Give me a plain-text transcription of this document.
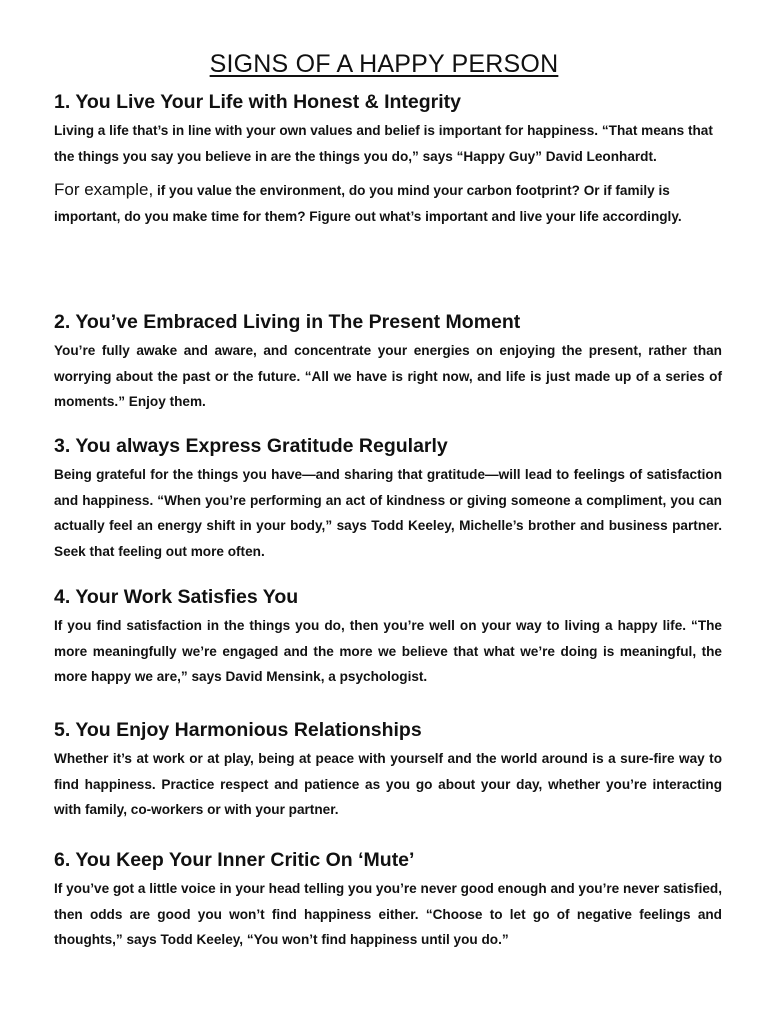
SIGNS OF A HAPPY PERSON
1. You Live Your Life with Honest & Integrity

Living a life that’s in line with your own values and belief is important for happiness. “That means that the things you say you believe in are the things you do,” says “Happy Guy” David Leonhardt.

For example, if you value the environment, do you mind your carbon footprint? Or if family is important, do you make time for them? Figure out what’s important and live your life accordingly.

2. You’ve Embraced Living in The Present Moment

You’re fully awake and aware, and concentrate your energies on enjoying the present, rather than worrying about the past or the future. “All we have is right now, and life is just made up of a series of moments.” Enjoy them.

3. You always Express Gratitude Regularly

Being grateful for the things you have—and sharing that gratitude—will lead to feelings of satisfaction and happiness. “When you’re performing an act of kindness or giving someone a compliment, you can actually feel an energy shift in your body,” says Todd Keeley, Michelle’s brother and business partner. Seek that feeling out more often.

4. Your Work Satisfies You

If you find satisfaction in the things you do, then you’re well on your way to living a happy life. “The more meaningfully we’re engaged and the more we believe that what we’re doing is meaningful, the more happy we are,” says David Mensink, a psychologist.

5. You Enjoy Harmonious Relationships

Whether it’s at work or at play, being at peace with yourself and the world around is a sure-fire way to find happiness. Practice respect and patience as you go about your day, whether you’re interacting with family, co-workers or with your partner.

6. You Keep Your Inner Critic On ‘Mute’

If you’ve got a little voice in your head telling you you’re never good enough and you’re never satisfied, then odds are good you won’t find happiness either. “Choose to let go of negative feelings and thoughts,” says Todd Keeley, “You won’t find happiness until you do.”
